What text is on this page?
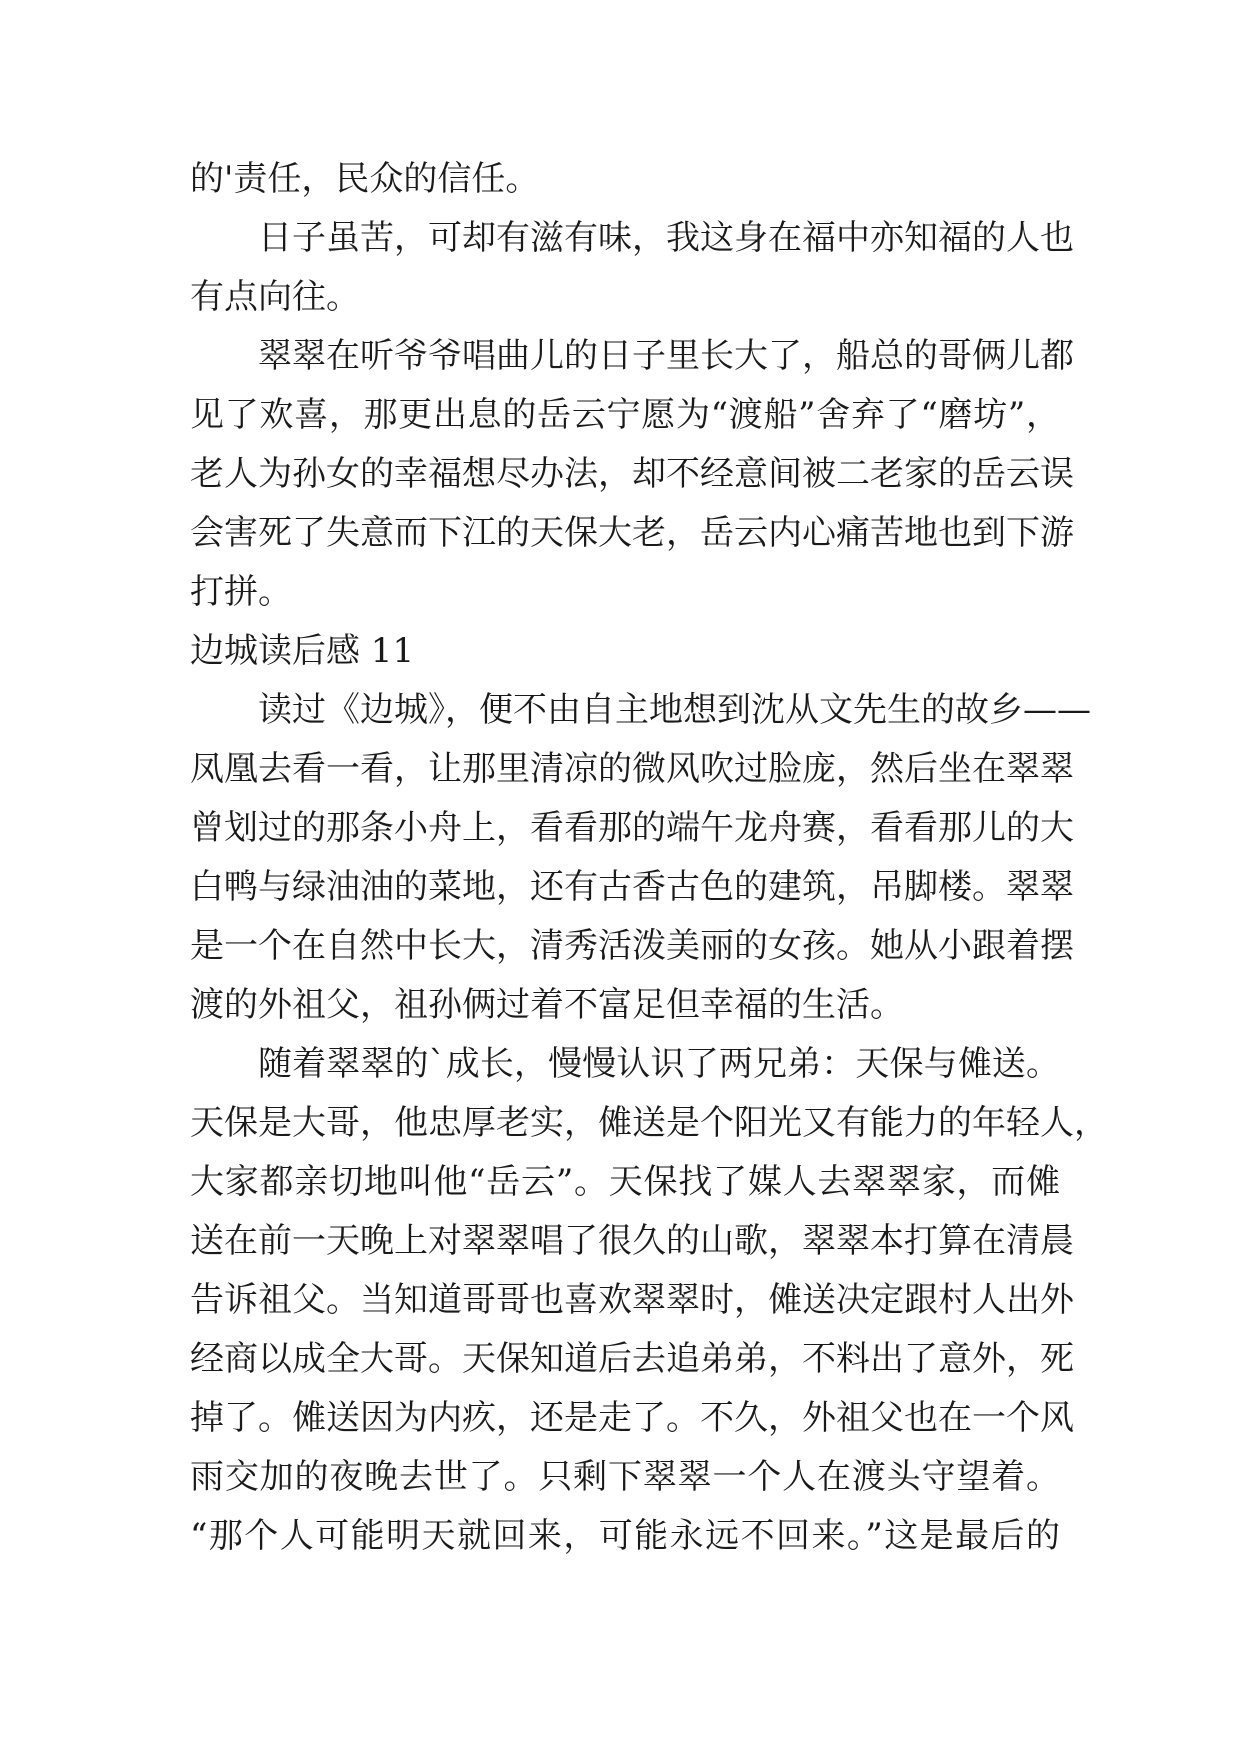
的'责任，民众的信任。
日子虽苦，可却有滋有味，我这身在福中亦知福的人也
有点向往。
翠翠在听爷爷唱曲儿的日子里长大了，船总的哥俩儿都
见了欢喜，那更出息的岳云宁愿为“渡船”舍弃了“磨坊”，
老人为孙女的幸福想尽办法，却不经意间被二老家的岳云误
会害死了失意而下江的天保大老，岳云内心痛苦地也到下游
打拼。
边城读后感 11
读过《边城》，便不由自主地想到沈从文先生的故乡——
凤凰去看一看，让那里清凉的微风吹过脸庞，然后坐在翠翠
曾划过的那条小舟上，看看那的端午龙舟赛，看看那儿的大
白鸭与绿油油的菜地，还有古香古色的建筑，吊脚楼。翠翠
是一个在自然中长大，清秀活泼美丽的女孩。她从小跟着摆
渡的外祖父，祖孙俩过着不富足但幸福的生活。
随着翠翠的`成长，慢慢认识了两兄弟：天保与傩送。
天保是大哥，他忠厚老实，傩送是个阳光又有能力的年轻人，
大家都亲切地叫他“岳云”。天保找了媒人去翠翠家，而傩
送在前一天晚上对翠翠唱了很久的山歌，翠翠本打算在清晨
告诉祖父。当知道哥哥也喜欢翠翠时，傩送决定跟村人出外
经商以成全大哥。天保知道后去追弟弟，不料出了意外，死
掉了。傩送因为内疚，还是走了。不久，外祖父也在一个风
雨交加的夜晚去世了。只剩下翠翠一个人在渡头守望着。
“那个人可能明天就回来，可能永远不回来。”这是最后的
